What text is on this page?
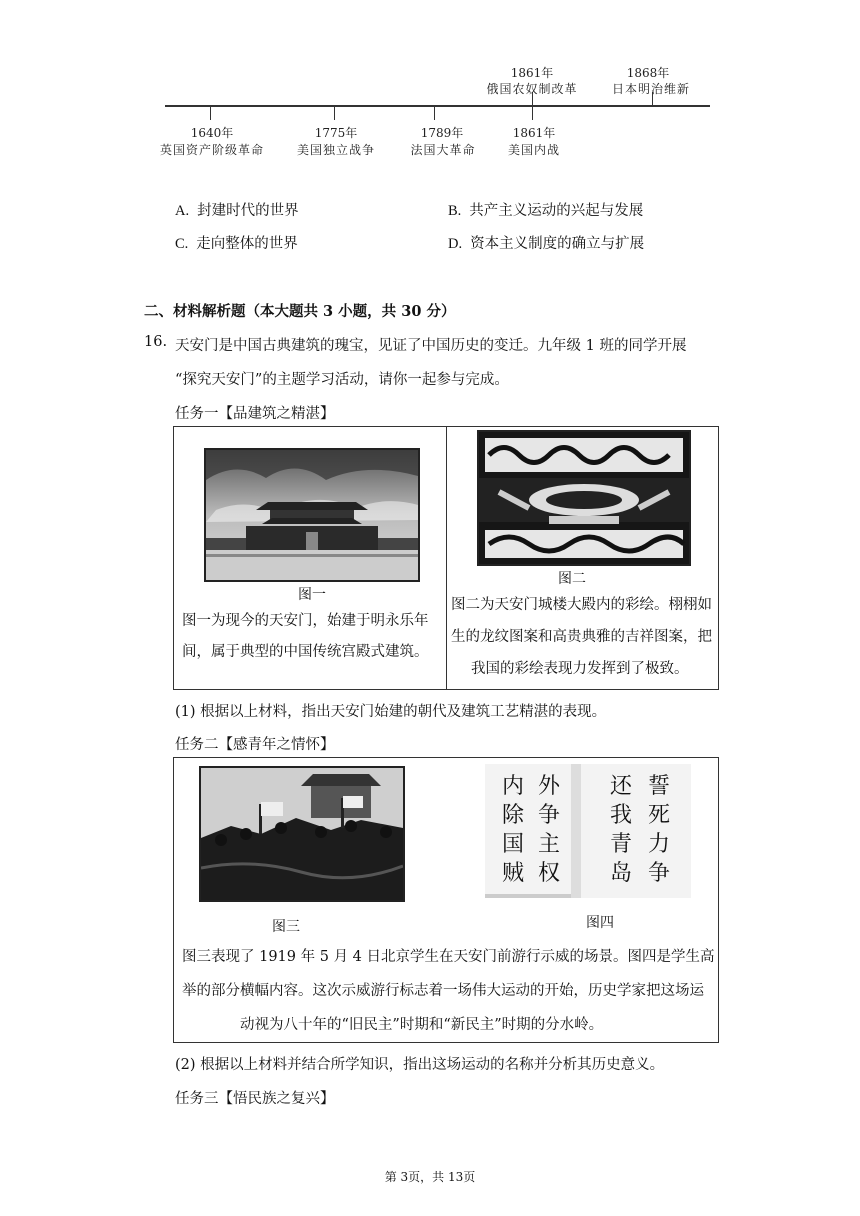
1861年
俄国农奴制改革
1868年
日本明治维新
1640年
英国资产阶级革命
1775年
美国独立战争
1789年
法国大革命
1861年
美国内战
A. 封建时代的世界	B. 共产主义运动的兴起与发展
C. 走向整体的世界	D. 资本主义制度的确立与扩展
二、材料解析题（本大题共 3 小题，共 30 分）
16. 天安门是中国古典建筑的瑰宝，见证了中国历史的变迁。九年级 1 班的同学开展
“探究天安门”的主题学习活动，请你一起参与完成。
任务一【品建筑之精湛】
图一
图一为现今的天安门，始建于明永乐年
间，属于典型的中国传统宫殿式建筑。
图二
图二为天安门城楼大殿内的彩绘。栩栩如
生的龙纹图案和高贵典雅的吉祥图案，把
我国的彩绘表现力发挥到了极致。
(1) 根据以上材料，指出天安门始建的朝代及建筑工艺精湛的表现。
任务二【感青年之情怀】
图三
内
除
国
贼
外
争
主
权
还
我
青
岛
誓
死
力
争
图四
图三表现了 1919 年 5 月 4 日北京学生在天安门前游行示威的场景。图四是学生高
举的部分横幅内容。这次示威游行标志着一场伟大运动的开始，历史学家把这场运
动视为八十年的“旧民主”时期和“新民主”时期的分水岭。
(2) 根据以上材料并结合所学知识，指出这场运动的名称并分析其历史意义。
任务三【悟民族之复兴】
第 3页，共 13页
